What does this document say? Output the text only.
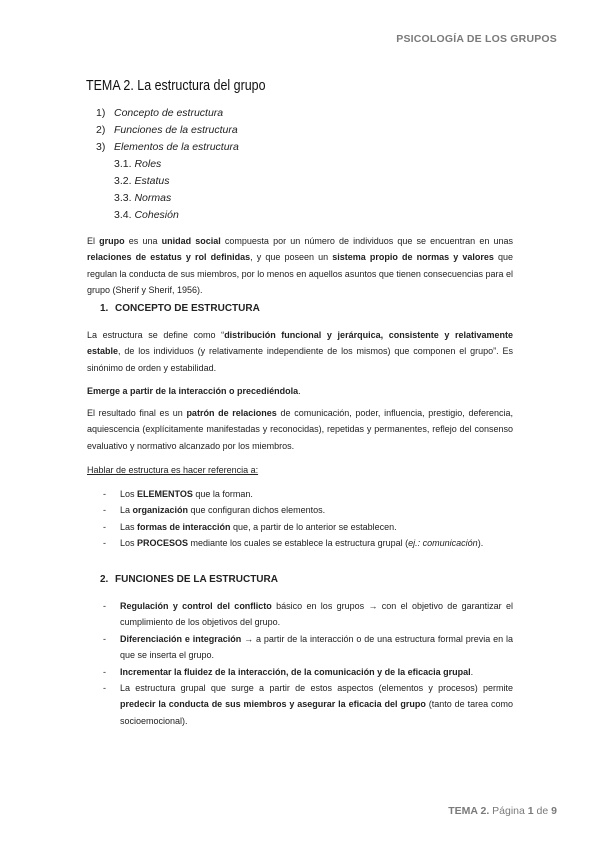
PSICOLOGÍA DE LOS GRUPOS
TEMA 2. La estructura del grupo
1) Concepto de estructura
2) Funciones de la estructura
3) Elementos de la estructura
3.1. Roles
3.2. Estatus
3.3. Normas
3.4. Cohesión
El grupo es una unidad social compuesta por un número de individuos que se encuentran en unas relaciones de estatus y rol definidas, y que poseen un sistema propio de normas y valores que regulan la conducta de sus miembros, por lo menos en aquellos asuntos que tienen consecuencias para el grupo (Sherif y Sherif, 1956).
1. CONCEPTO DE ESTRUCTURA
La estructura se define como “distribución funcional y jerárquica, consistente y relativamente estable, de los individuos (y relativamente independiente de los mismos) que componen el grupo”. Es sinónimo de orden y estabilidad.
Emerge a partir de la interacción o precediéndola.
El resultado final es un patrón de relaciones de comunicación, poder, influencia, prestigio, deferencia, aquiescencia (explícitamente manifestadas y reconocidas), repetidas y permanentes, reflejo del consenso evaluativo y normativo alcanzado por los miembros.
Hablar de estructura es hacer referencia a:
- Los ELEMENTOS que la forman.
- La organización que configuran dichos elementos.
- Las formas de interacción que, a partir de lo anterior se establecen.
- Los PROCESOS mediante los cuales se establece la estructura grupal (ej.: comunicación).
2. FUNCIONES DE LA ESTRUCTURA
- Regulación y control del conflicto básico en los grupos → con el objetivo de garantizar el cumplimiento de los objetivos del grupo.
- Diferenciación e integración → a partir de la interacción o de una estructura formal previa en la que se inserta el grupo.
- Incrementar la fluidez de la interacción, de la comunicación y de la eficacia grupal.
- La estructura grupal que surge a partir de estos aspectos (elementos y procesos) permite predecir la conducta de sus miembros y asegurar la eficacia del grupo (tanto de tarea como socioemocional).
TEMA 2. Página 1 de 9
